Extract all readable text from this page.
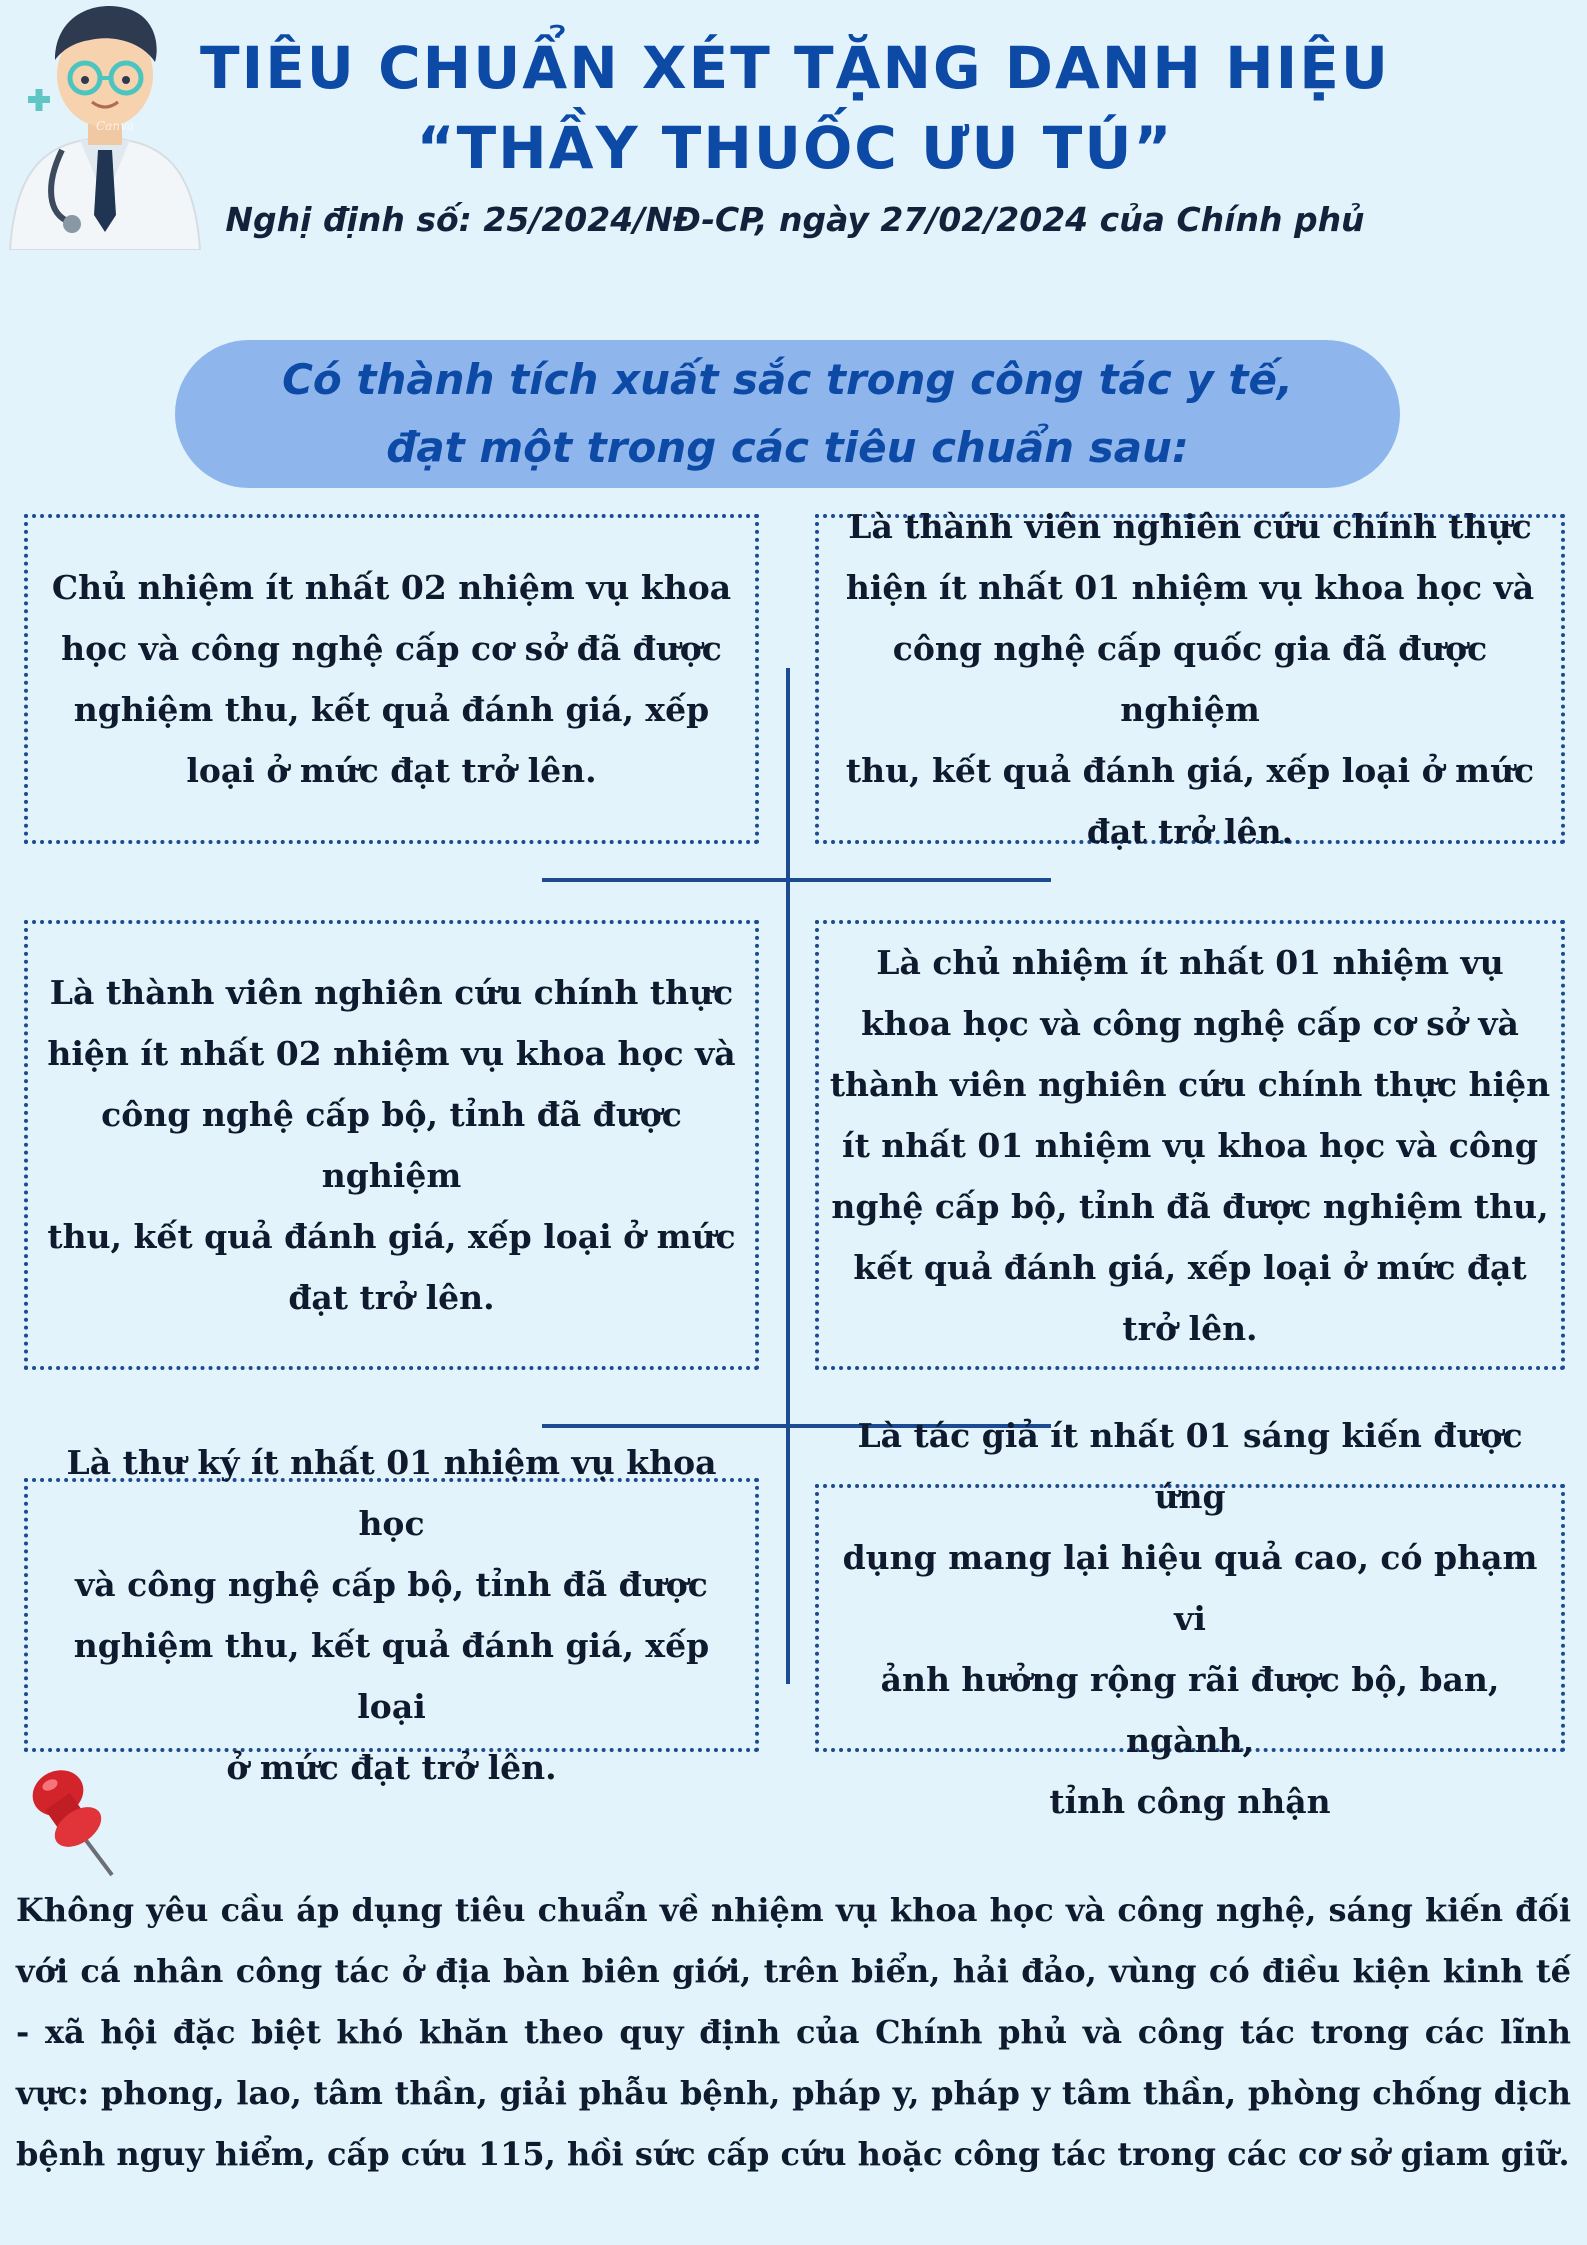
Canva
TIÊU CHUẨN XÉT TẶNG DANH HIỆU
“THẦY THUỐC ƯU TÚ”
Nghị định số: 25/2024/NĐ-CP, ngày 27/02/2024 của Chính phủ
Có thành tích xuất sắc trong công tác y tế,
đạt một trong các tiêu chuẩn sau:
Chủ nhiệm ít nhất 02 nhiệm vụ khoa
học và công nghệ cấp cơ sở đã được
nghiệm thu, kết quả đánh giá, xếp
loại ở mức đạt trở lên.
Là thành viên nghiên cứu chính thực
hiện ít nhất 01 nhiệm vụ khoa học và
công nghệ cấp quốc gia đã được nghiệm
thu, kết quả đánh giá, xếp loại ở mức
đạt trở lên.
Là thành viên nghiên cứu chính thực
hiện ít nhất 02 nhiệm vụ khoa học và
công nghệ cấp bộ, tỉnh đã được nghiệm
thu, kết quả đánh giá, xếp loại ở mức
đạt trở lên.
Là chủ nhiệm ít nhất 01 nhiệm vụ
khoa học và công nghệ cấp cơ sở và
thành viên nghiên cứu chính thực hiện
ít nhất 01 nhiệm vụ khoa học và công
nghệ cấp bộ, tỉnh đã được nghiệm thu,
kết quả đánh giá, xếp loại ở mức đạt
trở lên.
Là thư ký ít nhất 01 nhiệm vụ khoa học
và công nghệ cấp bộ, tỉnh đã được
nghiệm thu, kết quả đánh giá, xếp loại
ở mức đạt trở lên.
Là tác giả ít nhất 01 sáng kiến được ứng
dụng mang lại hiệu quả cao, có phạm vi
ảnh hưởng rộng rãi được bộ, ban, ngành,
tỉnh công nhận
Không yêu cầu áp dụng tiêu chuẩn về nhiệm vụ khoa học và công nghệ, sáng kiến đối với cá nhân công tác ở địa bàn biên giới, trên biển, hải đảo, vùng có điều kiện kinh tế - xã hội đặc biệt khó khăn theo quy định của Chính phủ và công tác trong các lĩnh vực: phong, lao, tâm thần, giải phẫu bệnh, pháp y, pháp y tâm thần, phòng chống dịch bệnh nguy hiểm, cấp cứu 115, hồi sức cấp cứu hoặc công tác trong các cơ sở giam giữ.
